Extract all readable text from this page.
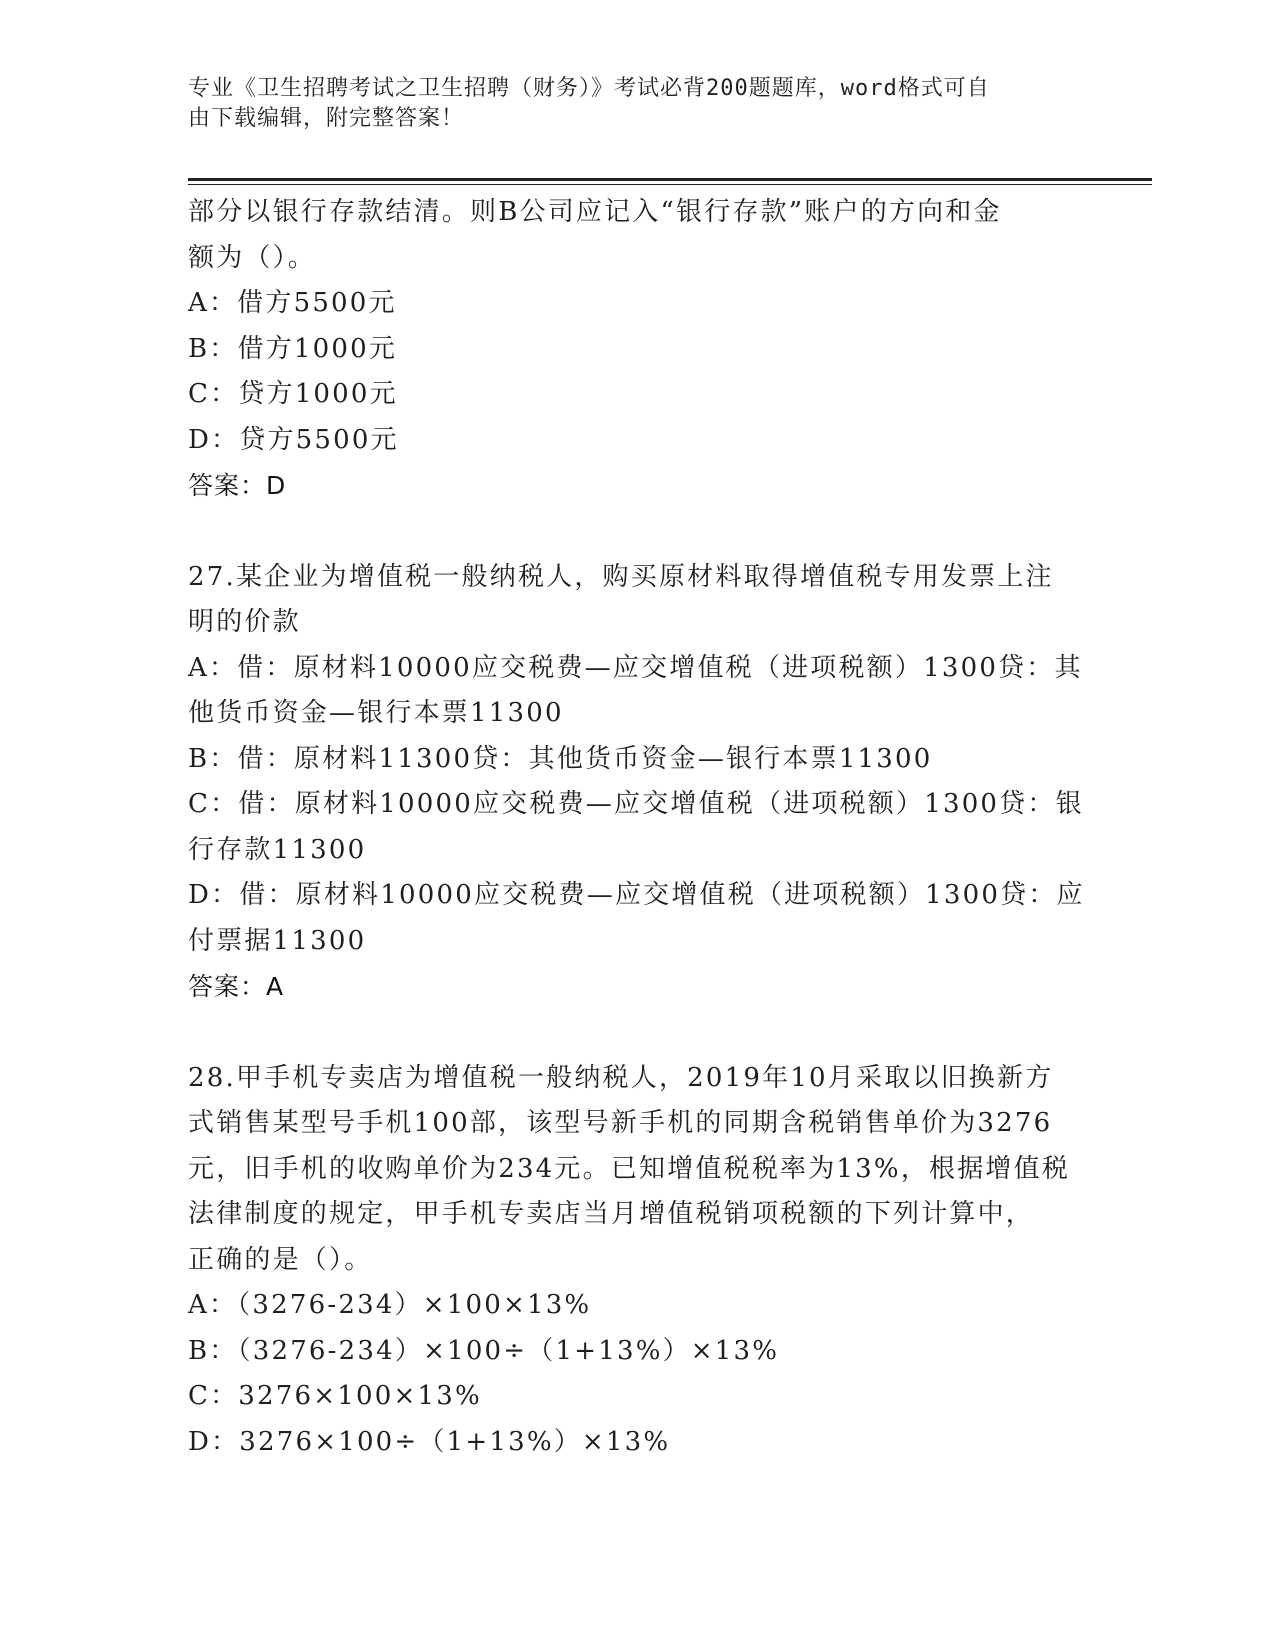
专业《卫生招聘考试之卫生招聘（财务）》考试必背200题题库，word格式可自
由下载编辑，附完整答案！
部分以银行存款结清。则B公司应记入“银行存款”账户的方向和金
额为（）。
A：借方5500元
B：借方1000元
C：贷方1000元
D：贷方5500元
答案：D
27.某企业为增值税一般纳税人，购买原材料取得增值税专用发票上注
明的价款
A：借：原材料10000应交税费—应交增值税（进项税额）1300贷：其
他货币资金—银行本票11300
B：借：原材料11300贷：其他货币资金—银行本票11300
C：借：原材料10000应交税费—应交增值税（进项税额）1300贷：银
行存款11300
D：借：原材料10000应交税费—应交增值税（进项税额）1300贷：应
付票据11300
答案：A
28.甲手机专卖店为增值税一般纳税人，2019年10月采取以旧换新方
式销售某型号手机100部，该型号新手机的同期含税销售单价为3276
元，旧手机的收购单价为234元。已知增值税税率为13%，根据增值税
法律制度的规定，甲手机专卖店当月增值税销项税额的下列计算中，
正确的是（）。
A：（3276-234）×100×13%
B：（3276-234）×100÷（1+13%）×13%
C：3276×100×13%
D：3276×100÷（1+13%）×13%
